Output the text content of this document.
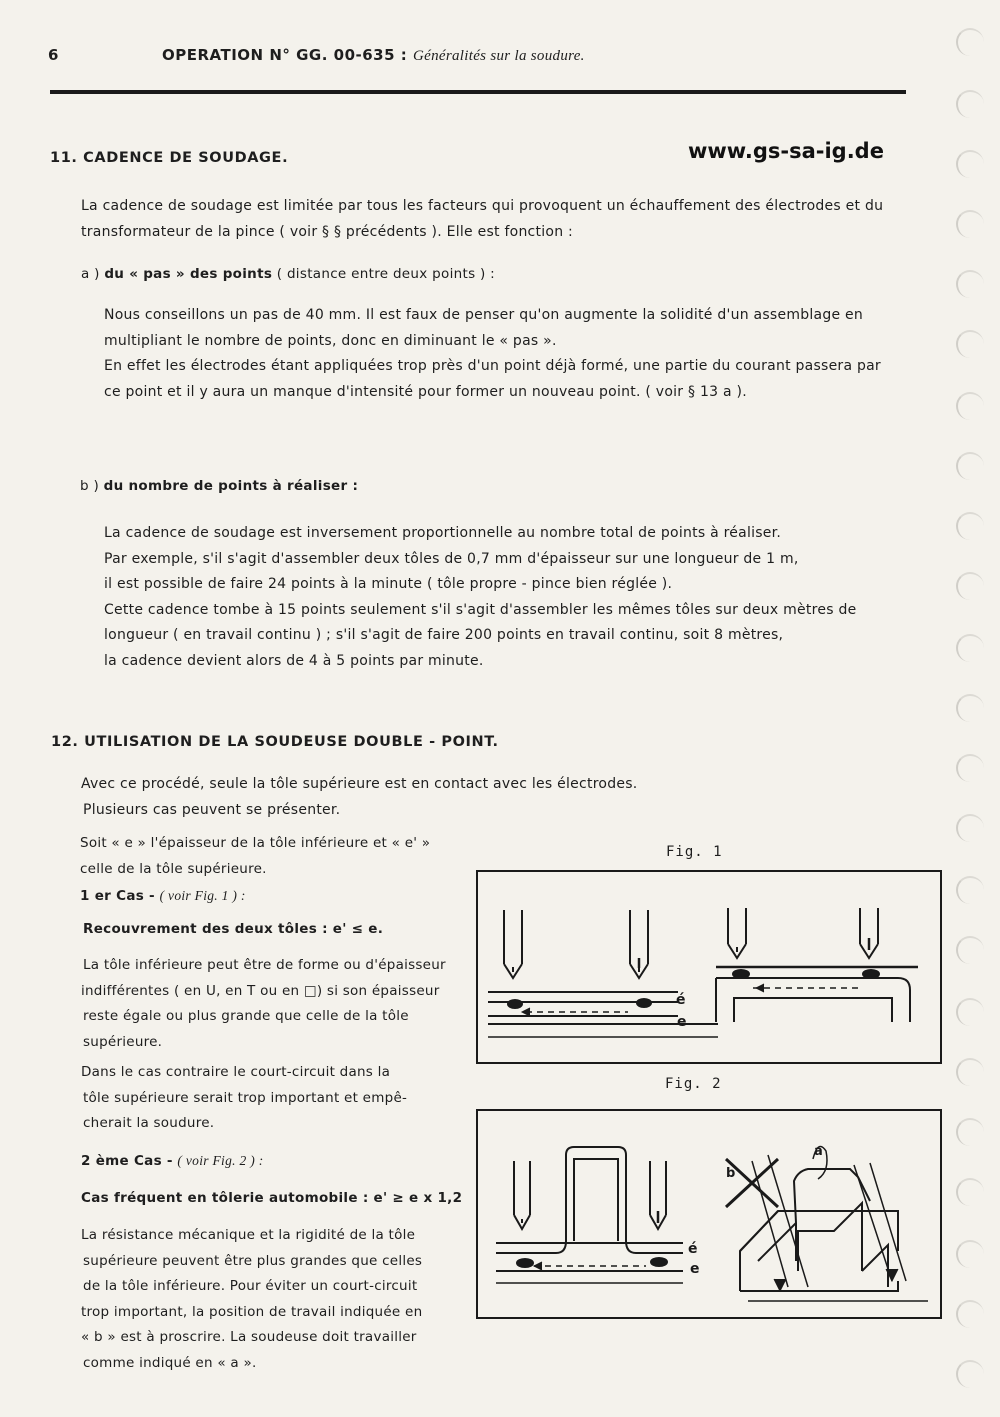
6	OPERATION N° GG. 00-635 : Généralités sur la soudure.
11. CADENCE DE SOUDAGE.	www.gs-sa-ig.de
La cadence de soudage est limitée par tous les facteurs qui provoquent un échauffement des électrodes et du
transformateur de la pince ( voir § § précédents ). Elle est fonction :
a ) du « pas » des points ( distance entre deux points ) :
Nous conseillons un pas de 40 mm. Il est faux de penser qu'on augmente la solidité d'un assemblage en
multipliant le nombre de points, donc en diminuant le « pas ».
En effet les électrodes étant appliquées trop près d'un point déjà formé, une partie du courant passera par
ce point et il y aura un manque d'intensité pour former un nouveau point. ( voir § 13 a ).
b ) du nombre de points à réaliser :
La cadence de soudage est inversement proportionnelle au nombre total de points à réaliser.
Par exemple, s'il s'agit d'assembler deux tôles de 0,7 mm d'épaisseur sur une longueur de 1 m,
il est possible de faire 24 points à la minute ( tôle propre - pince bien réglée ).
Cette cadence tombe à 15 points seulement s'il s'agit d'assembler les mêmes tôles sur deux mètres de
longueur ( en travail continu ) ; s'il s'agit de faire 200 points en travail continu, soit 8 mètres,
la cadence devient alors de 4 à 5 points par minute.
12. UTILISATION DE LA SOUDEUSE DOUBLE - POINT.
Avec ce procédé, seule la tôle supérieure est en contact avec les électrodes.
Plusieurs cas peuvent se présenter.
Soit « e » l'épaisseur de la tôle inférieure et « e' »
celle de la tôle supérieure.
1 er Cas - ( voir Fig. 1 ) :
Recouvrement des deux tôles : e' ≤ e.
La tôle inférieure peut être de forme ou d'épaisseur
indifférentes ( en U, en T ou en □) si son épaisseur
reste égale ou plus grande que celle de la tôle
supérieure.
Dans le cas contraire le court-circuit dans la
tôle supérieure serait trop important et empê-
cherait la soudure.
2 ème Cas - ( voir Fig. 2 ) :
Cas fréquent en tôlerie automobile : e' ≥ e x 1,2
La résistance mécanique et la rigidité de la tôle
supérieure peuvent être plus grandes que celles
de la tôle inférieure. Pour éviter un court-circuit
trop important, la position de travail indiquée en
« b » est à proscrire. La soudeuse doit travailler
comme indiqué en « a ».
Fig. 1
é
e
Fig. 2
é
e
b
a
